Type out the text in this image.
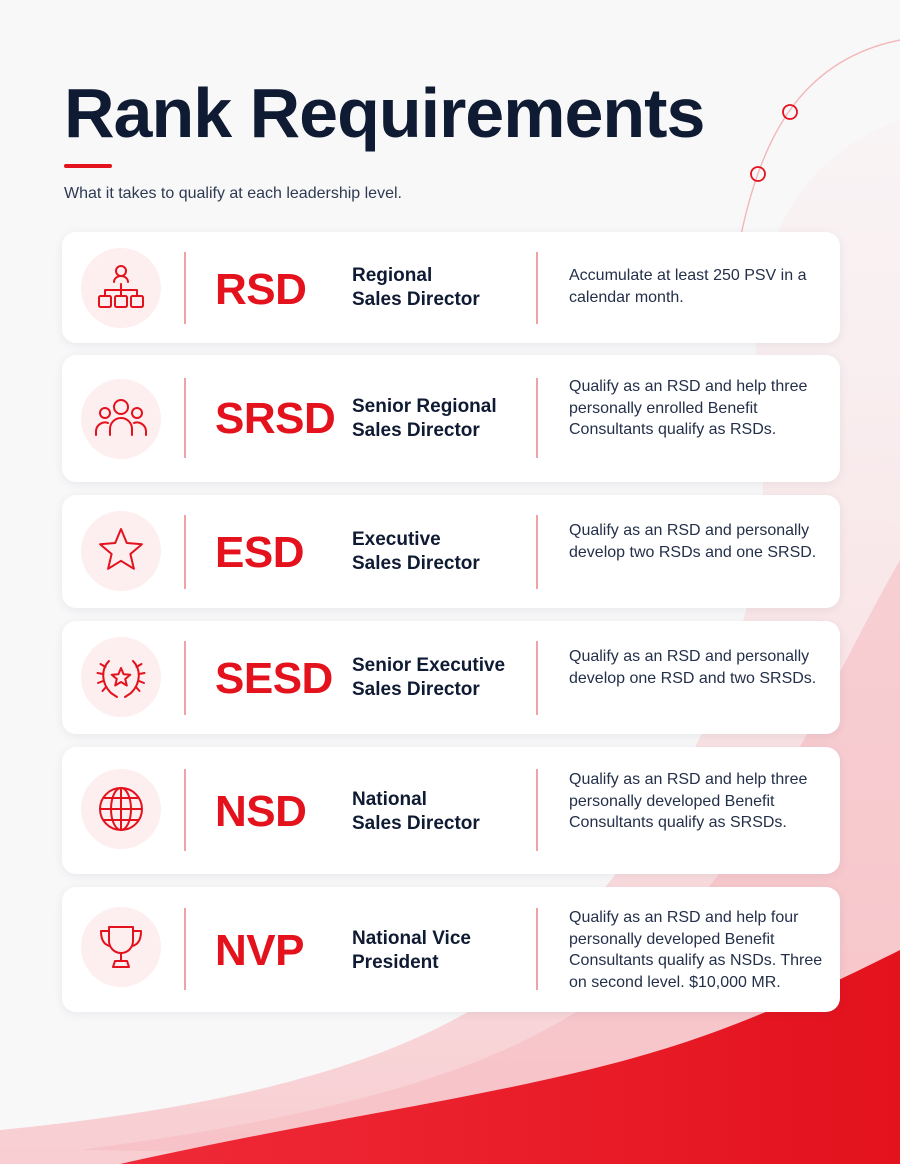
Rank Requirements

What it takes to qualify at each leadership level.

RSD	Regional
Sales Director
Accumulate at least 250 PSV in a calendar month.
SRSD Senior Regional
Sales Director
Qualify as an RSD and help three personally enrolled Benefit Consultants qualify as RSDs.
ESD	Executive
Sales Director
Qualify as an RSD and personally develop two RSDs and one SRSD.
SESD	Senior Executive
Sales Director
Qualify as an RSD and personally develop one RSD and two SRSDs.
NSD	National
Sales Director
Qualify as an RSD and help three personally developed Benefit Consultants qualify as SRSDs.
NVP	National Vice
President
Qualify as an RSD and help four personally developed Benefit Consultants qualify as NSDs. Three on second level. $10,000 MR.
